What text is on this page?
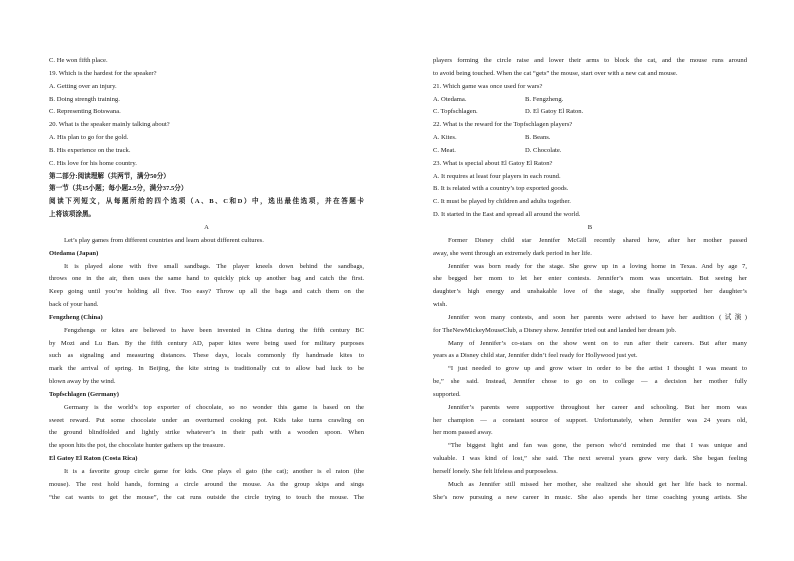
C. He won fifth place.
19. Which is the hardest for the speaker?
A. Getting over an injury.
B. Doing strength training.
C. Representing Botswana.
20. What is the speaker mainly talking about?
A. His plan to go for the gold.
B. His experience on the track.
C. His love for his home country.
第二部分:阅读理解（共两节，满分50分）
第一节（共15小题；每小题2.5分，满分37.5分）
阅读下列短文，从每题所给的四个选项（A、B、C和D）中，选出最佳选项，并在答题卡
上将该项涂黑。
A
Let’s play games from different countries and learn about different cultures.
Otedama (Japan)
It is played alone with five small sandbags. The player kneels down behind the sandbags,
throws one in the air, then uses the same hand to quickly pick up another bag and catch the first.
Keep going until you’re holding all five. Too easy? Throw up all the bags and catch them on the
back of your hand.
Fengzheng (China)
Fengzhengs or kites are believed to have been invented in China during the fifth century BC
by Mozi and Lu Ban. By the fifth century AD, paper kites were being used for military purposes
such as signaling and measuring distances. These days, locals commonly fly handmade kites to
mark the arrival of spring. In Beijing, the kite string is traditionally cut to allow bad luck to be
blown away by the wind.
Topfschlagen (Germany)
Germany is the world’s top exporter of chocolate, so no wonder this game is based on the
sweet reward. Put some chocolate under an overturned cooking pot. Kids take turns crawling on
the ground blindfolded and lightly strike whatever’s in their path with a wooden spoon. When
the spoon hits the pot, the chocolate hunter gathers up the treasure.
El Gatoy El Raton (Costa Rica)
It is a favorite group circle game for kids. One plays el gato (the cat); another is el raton (the
mouse). The rest hold hands, forming a circle around the mouse. As the group skips and sings
“the cat wants to get the mouse”, the cat runs outside the circle trying to touch the mouse. The
players forming the circle raise and lower their arms to block the cat, and the mouse runs around
to avoid being touched. When the cat “gets” the mouse, start over with a new cat and mouse.
21. Which game was once used for wars?
A. Otedama.	B. Fengzheng.
C. Topfschlagen.	D. El Gatoy El Raton.
22. What is the reward for the Topfschlagen players?
A. Kites.	B. Beans.
C. Meat.	D. Chocolate.
23. What is special about El Gatoy El Raton?
A. It requires at least four players in each round.
B. It is related with a country’s top exported goods.
C. It must be played by children and adults together.
D. It started in the East and spread all around the world.
B
Former Disney child star Jennifer McGill recently shared how, after her mother passed
away, she went through an extremely dark period in her life.
Jennifer was born ready for the stage. She grew up in a loving home in Texas. And by age 7,
she begged her mom to let her enter contests. Jennifer’s mom was uncertain. But seeing her
daughter’s high energy and unshakable love of the stage, she finally supported her daughter’s
wish.
Jennifer won many contests, and soon her parents were advised to have her audition (试演)
for TheNewMickeyMouseClub, a Disney show. Jennifer tried out and landed her dream job.
Many of Jennifer’s co-stars on the show went on to run after their careers. But after many
years as a Disney child star, Jennifer didn’t feel ready for Hollywood just yet.
“I just needed to grow up and grow wiser in order to be the artist I thought I was meant to
be,” she said. Instead, Jennifer chose to go on to college — a decision her mother fully
supported.
Jennifer’s parents were supportive throughout her career and schooling. But her mom was
her champion — a constant source of support. Unfortunately, when Jennifer was 24 years old,
her mom passed away.
“The biggest light and fan was gone, the person who’d reminded me that I was unique and
valuable. I was kind of lost,” she said. The next several years grew very dark. She began feeling
herself lonely. She felt lifeless and purposeless.
Much as Jennifer still missed her mother, she realized she should get her life back to normal.
She’s now pursuing a new career in music. She also spends her time coaching young artists. She
